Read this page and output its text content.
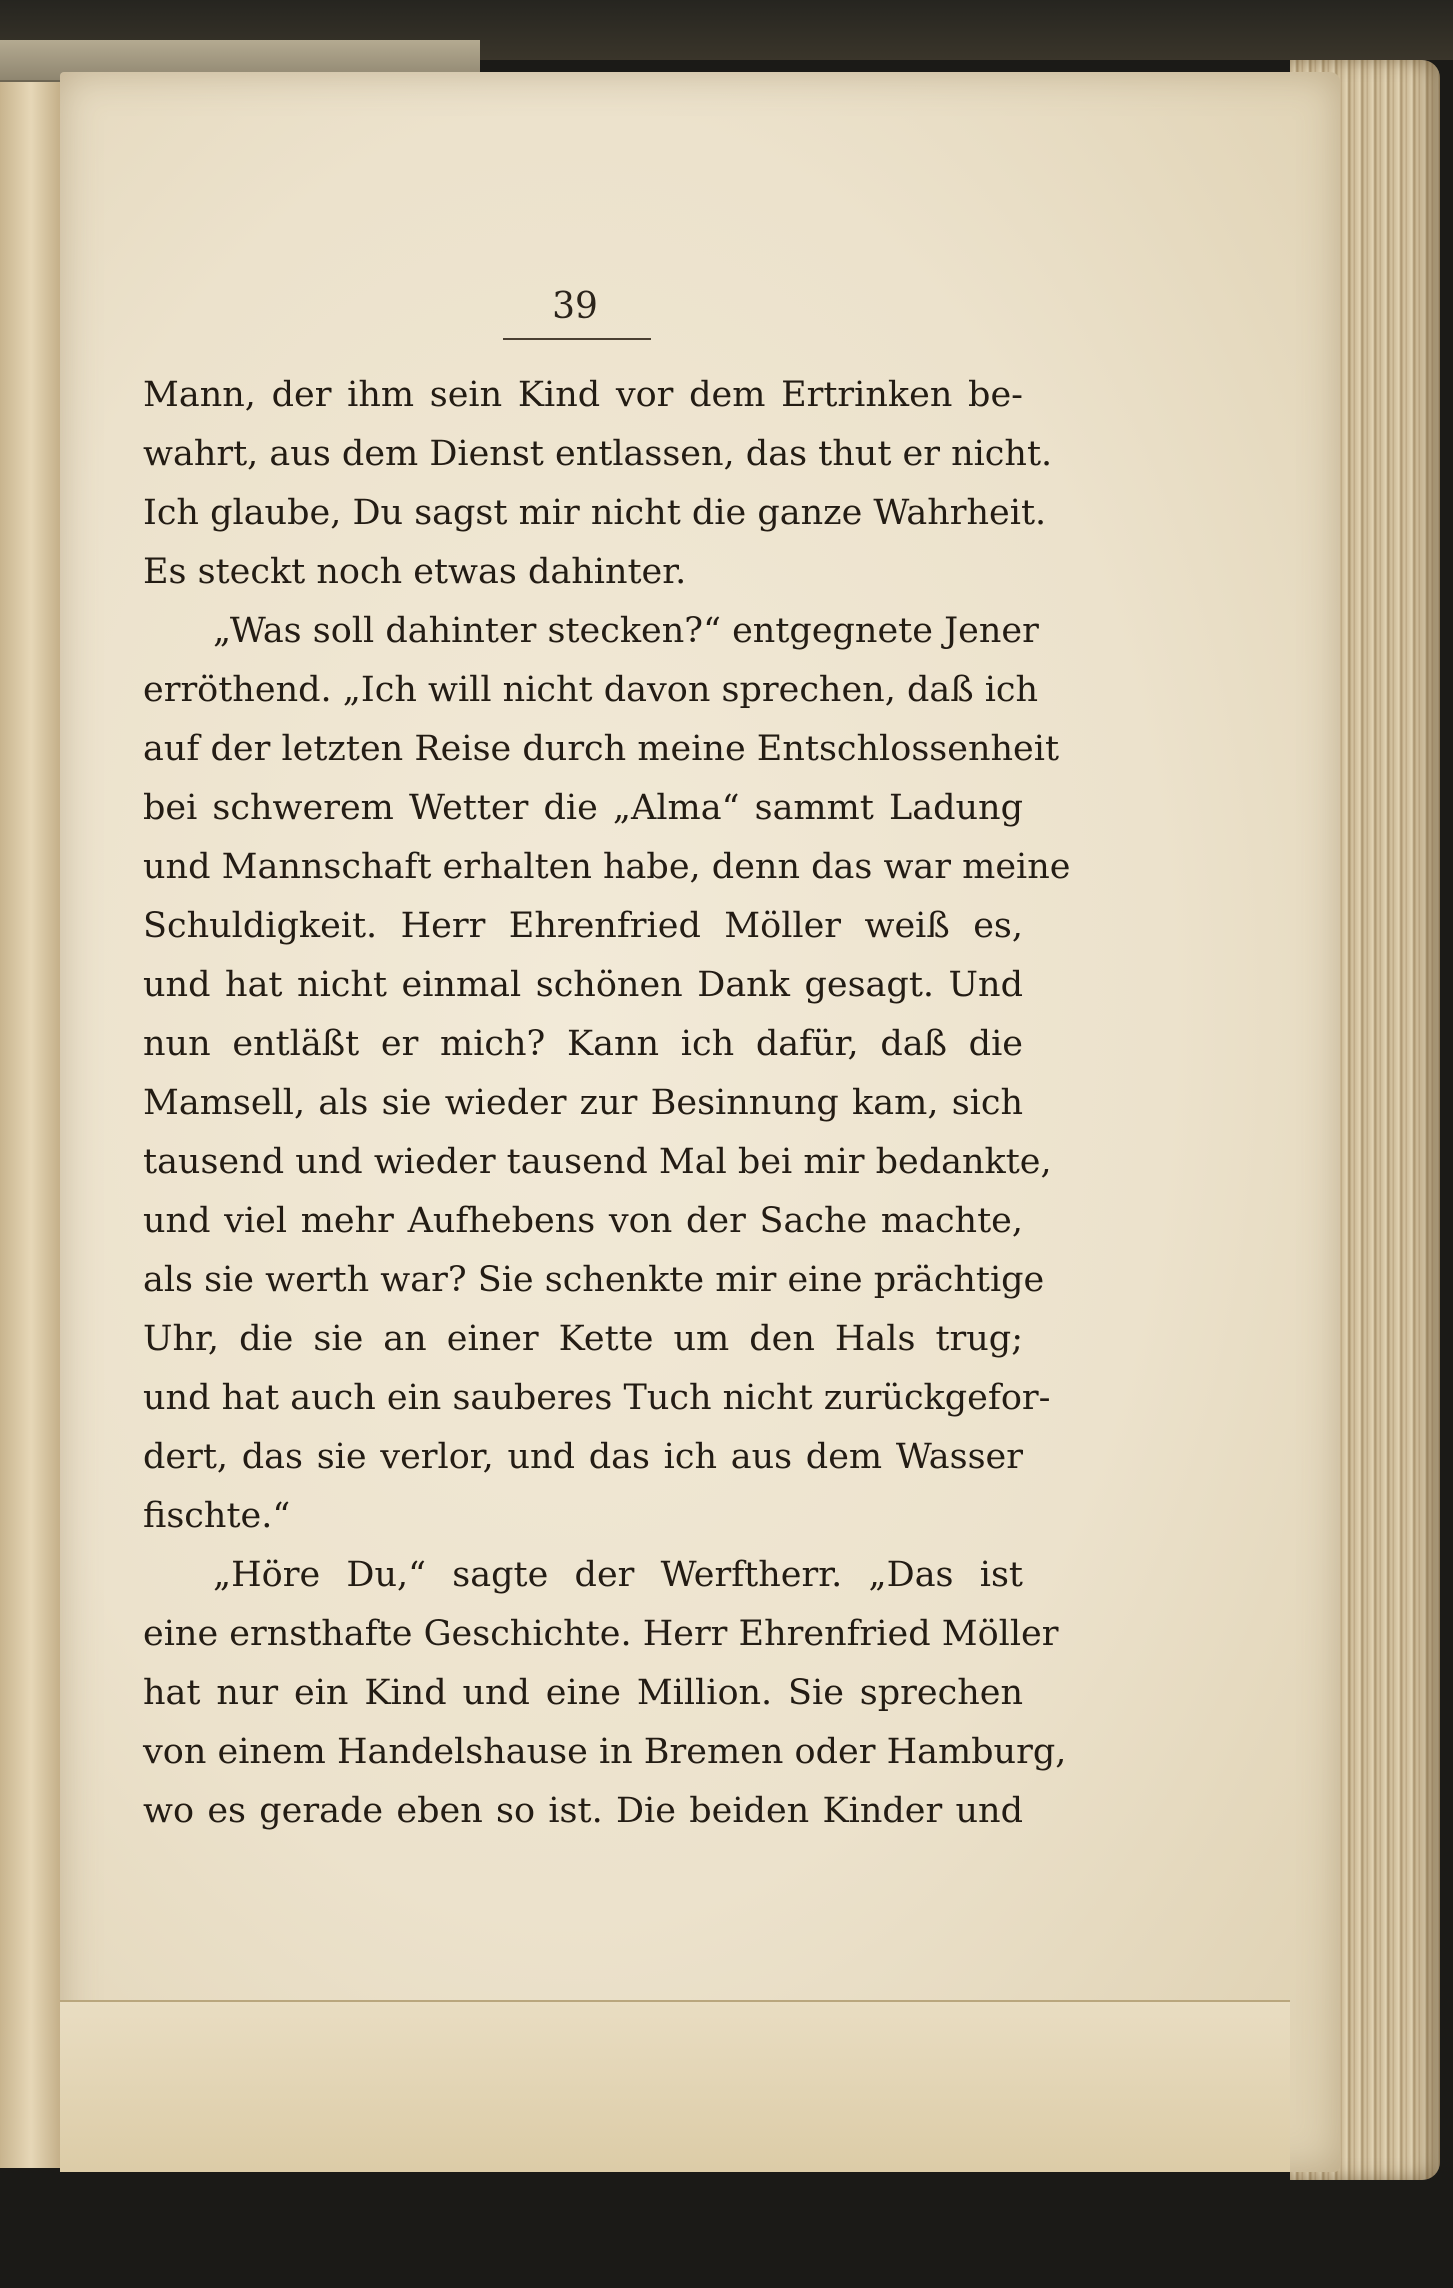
39
Mann, der ihm sein Kind vor dem Ertrinken be-
wahrt, aus dem Dienst entlassen, das thut er nicht.
Ich glaube, Du sagst mir nicht die ganze Wahrheit.
Es steckt noch etwas dahinter.
„Was soll dahinter stecken?“ entgegnete Jener
erröthend. „Ich will nicht davon sprechen, daß ich
auf der letzten Reise durch meine Entschlossenheit
bei schwerem Wetter die „Alma“ sammt Ladung
und Mannschaft erhalten habe, denn das war meine
Schuldigkeit. Herr Ehrenfried Möller weiß es,
und hat nicht einmal schönen Dank gesagt. Und
nun entläßt er mich? Kann ich dafür, daß die
Mamsell, als sie wieder zur Besinnung kam, sich
tausend und wieder tausend Mal bei mir bedankte,
und viel mehr Aufhebens von der Sache machte,
als sie werth war? Sie schenkte mir eine prächtige
Uhr, die sie an einer Kette um den Hals trug;
und hat auch ein sauberes Tuch nicht zurückgefor-
dert, das sie verlor, und das ich aus dem Wasser
fischte.“
„Höre Du,“ sagte der Werftherr. „Das ist
eine ernsthafte Geschichte. Herr Ehrenfried Möller
hat nur ein Kind und eine Million. Sie sprechen
von einem Handelshause in Bremen oder Hamburg,
wo es gerade eben so ist. Die beiden Kinder und
